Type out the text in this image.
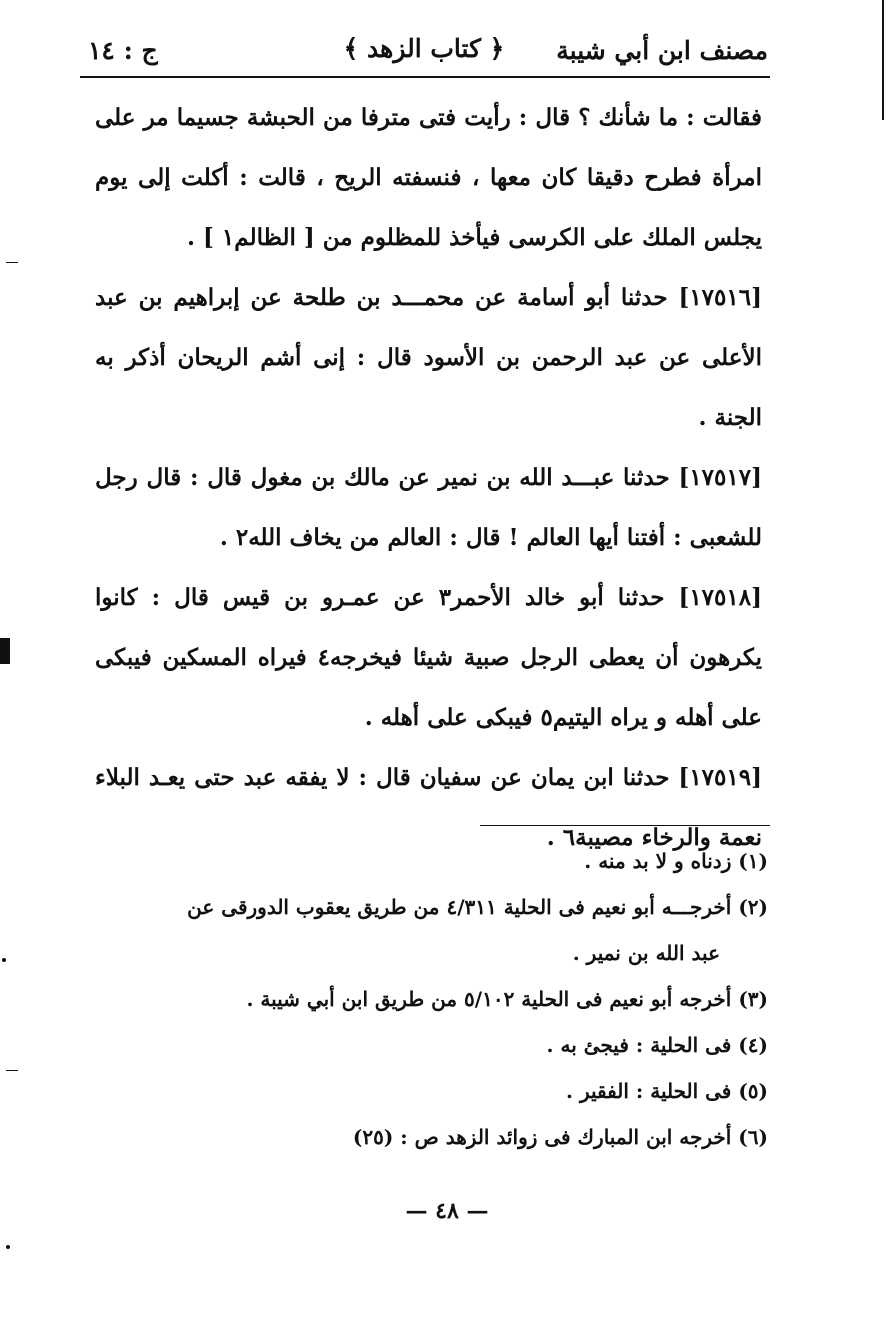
مصنف ابن أبي شيبة
﴿ كتاب الزهد ﴾
ج : ١٤

فقالت : ما شأنك ؟ قال : رأيت فتى مترفا من الحبشة جسيما مر على امرأة فطرح دقيقا كان معها ، فنسفته الريح ، قالت : أكلت إلى يوم يجلس الملك على الكرسى فيأخذ للمظلوم من [ الظالم١ ] .

[١٧٥١٦] حدثنا أبو أسامة عن محمـــد بن طلحة عن إبراهيم بن عبد الأعلى عن عبد الرحمن بن الأسود قال : إنى أشم الريحان أذكر به الجنة .

[١٧٥١٧] حدثنا عبـــد الله بن نمير عن مالك بن مغول قال : قال رجل للشعبى : أفتنا أيها العالم ! قال : العالم من يخاف الله٢ .

[١٧٥١٨] حدثنا أبو خالد الأحمر٣ عن عمـرو بن قيس قال : كانوا يكرهون أن يعطى الرجل صبية شيئا فيخرجه٤ فيراه المسكين فيبكى على أهله و يراه اليتيم٥ فيبكى على أهله .

[١٧٥١٩] حدثنا ابن يمان عن سفيان قال : لا يفقه عبد حتى يعـد البلاء نعمة والرخاء مصيبة٦ .

(١) زدناه و لا بد منه .

(٢) أخرجـــه أبو نعيم فى الحلية ٤/٣١١ من طريق يعقوب الدورقى عن

عبد الله بن نمير .

(٣) أخرجه أبو نعيم فى الحلية ٥/١٠٢ من طريق ابن أبي شيبة .

(٤) فى الحلية : فيجئ به .

(٥) فى الحلية : الفقير .

(٦) أخرجه ابن المبارك فى زوائد الزهد ص : (٢٥)

— ٤٨ —
